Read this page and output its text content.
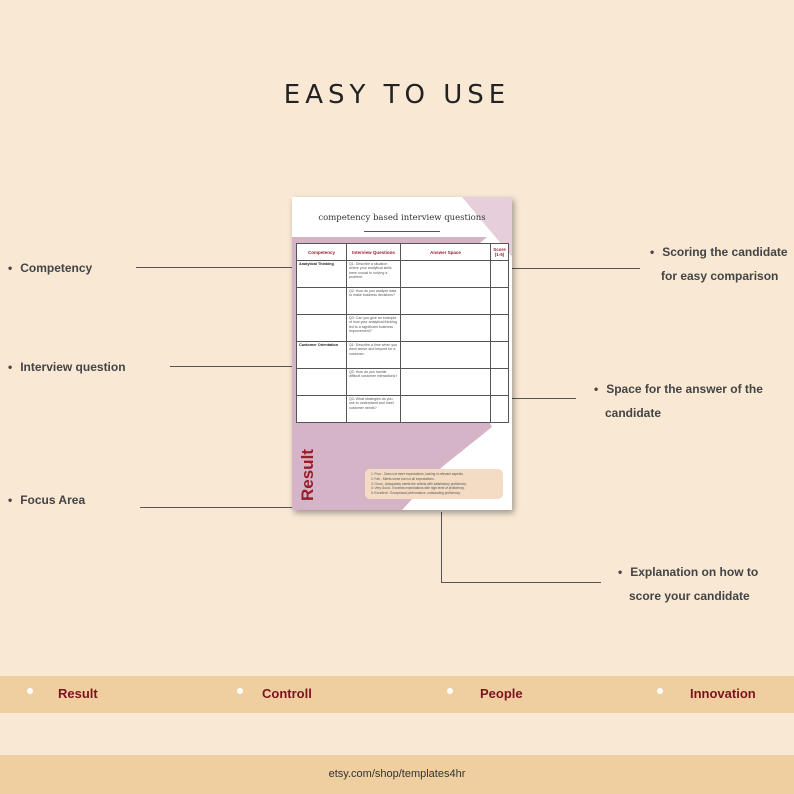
EASY TO USE
• Competency
• Interview question
• Focus Area
• Scoring the candidate
for easy comparison
• Space for the answer of the
candidate
• Explanation on how to
score your candidate
competency based interview questions
Competency	Interview Questions	Answer Space	Score (1-5)
Analytical Thinking	Q1: Describe a situation where your analytical skills were crucial to solving a problem.		
	Q2: How do you analyze data to make business decisions?		
	Q3: Can you give an example of how your analytical thinking led to a significant business improvement?		
Customer Orientation	Q1: Describe a time when you went above and beyond for a customer.		
	Q2: How do you handle difficult customer interactions?		
	Q3: What strategies do you use to understand and meet customer needs?		
Result	1: Poor - Does not meet expectations, lacking in relevant aspects.
2: Fair - Meets some but not all expectations.
3: Good - Adequately meets the criteria with satisfactory proficiency.
4: Very Good - Exceeds expectations with high level of proficiency.
5: Excellent - Exceptional performance, outstanding proficiency.
Result	Controll	People	Innovation
etsy.com/shop/templates4hr
